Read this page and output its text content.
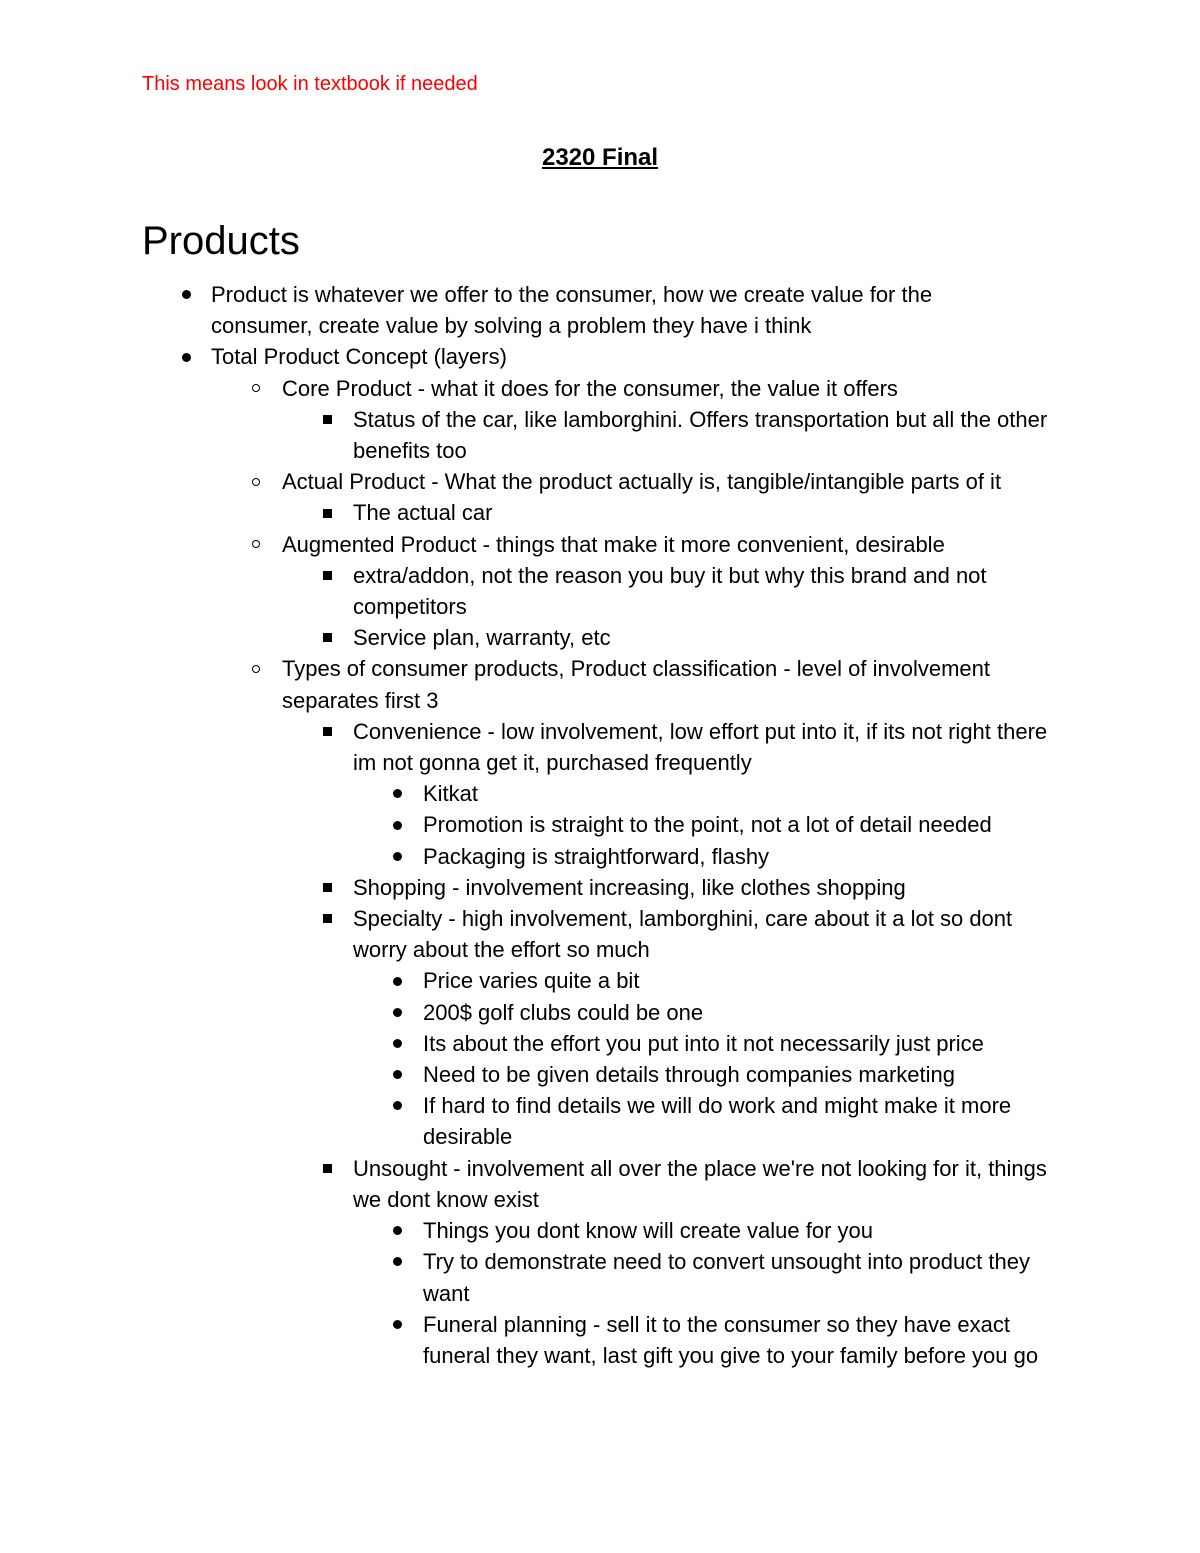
This means look in textbook if needed
2320 Final
Products
Product is whatever we offer to the consumer, how we create value for the consumer, create value by solving a problem they have i think
Total Product Concept (layers)
Core Product - what it does for the consumer, the value it offers
Status of the car, like lamborghini. Offers transportation but all the other benefits too
Actual Product - What the product actually is, tangible/intangible parts of it
The actual car
Augmented Product - things that make it more convenient, desirable
extra/addon, not the reason you buy it but why this brand and not competitors
Service plan, warranty, etc
Types of consumer products, Product classification - level of involvement separates first 3
Convenience - low involvement, low effort put into it, if its not right there im not gonna get it, purchased frequently
Kitkat
Promotion is straight to the point, not a lot of detail needed
Packaging is straightforward, flashy
Shopping - involvement increasing, like clothes shopping
Specialty - high involvement, lamborghini, care about it a lot so dont worry about the effort so much
Price varies quite a bit
200$ golf clubs could be one
Its about the effort you put into it not necessarily just price
Need to be given details through companies marketing
If hard to find details we will do work and might make it more desirable
Unsought - involvement all over the place we're not looking for it, things we dont know exist
Things you dont know will create value for you
Try to demonstrate need to convert unsought into product they want
Funeral planning - sell it to the consumer so they have exact funeral they want, last gift you give to your family before you go
